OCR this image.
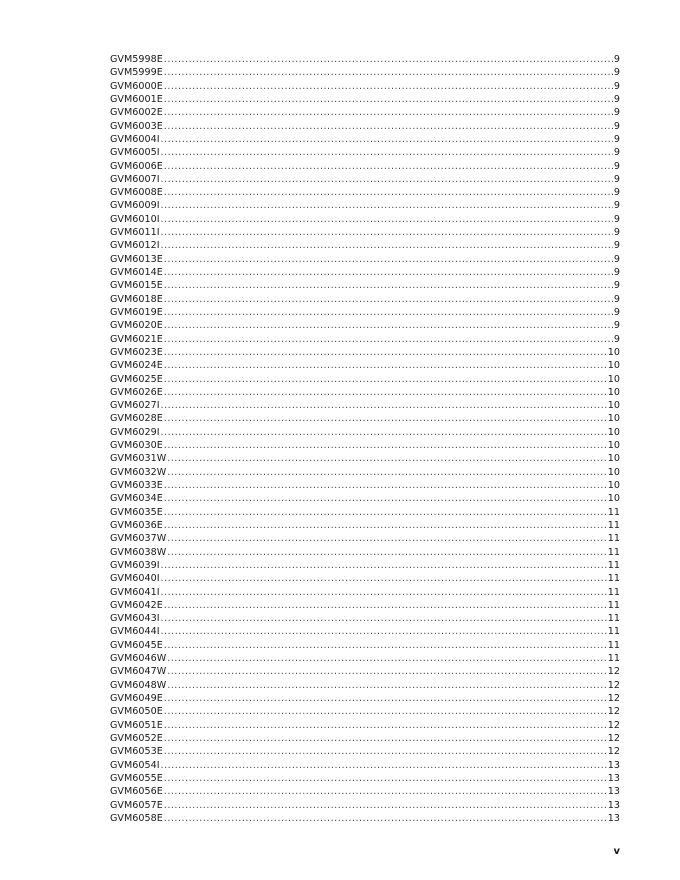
GVM5998E .....	9
GVM5999E .....	9
GVM6000E .....	9
GVM6001E .....	9
GVM6002E .....	9
GVM6003E .....	9
GVM6004I .....	9
GVM6005I .....	9
GVM6006E .....	9
GVM6007I .....	9
GVM6008E .....	9
GVM6009I .....	9
GVM6010I .....	9
GVM6011I .....	9
GVM6012I .....	9
GVM6013E .....	9
GVM6014E .....	9
GVM6015E .....	9
GVM6018E .....	9
GVM6019E .....	9
GVM6020E .....	9
GVM6021E .....	9
GVM6023E .....	10
GVM6024E .....	10
GVM6025E .....	10
GVM6026E .....	10
GVM6027I .....	10
GVM6028E .....	10
GVM6029I .....	10
GVM6030E .....	10
GVM6031W .....	10
GVM6032W .....	10
GVM6033E .....	10
GVM6034E .....	10
GVM6035E .....	11
GVM6036E .....	11
GVM6037W .....	11
GVM6038W .....	11
GVM6039I .....	11
GVM6040I .....	11
GVM6041I .....	11
GVM6042E .....	11
GVM6043I .....	11
GVM6044I .....	11
GVM6045E .....	11
GVM6046W .....	11
GVM6047W .....	12
GVM6048W .....	12
GVM6049E .....	12
GVM6050E .....	12
GVM6051E .....	12
GVM6052E .....	12
GVM6053E .....	12
GVM6054I .....	13
GVM6055E .....	13
GVM6056E .....	13
GVM6057E .....	13
GVM6058E .....	13
v
